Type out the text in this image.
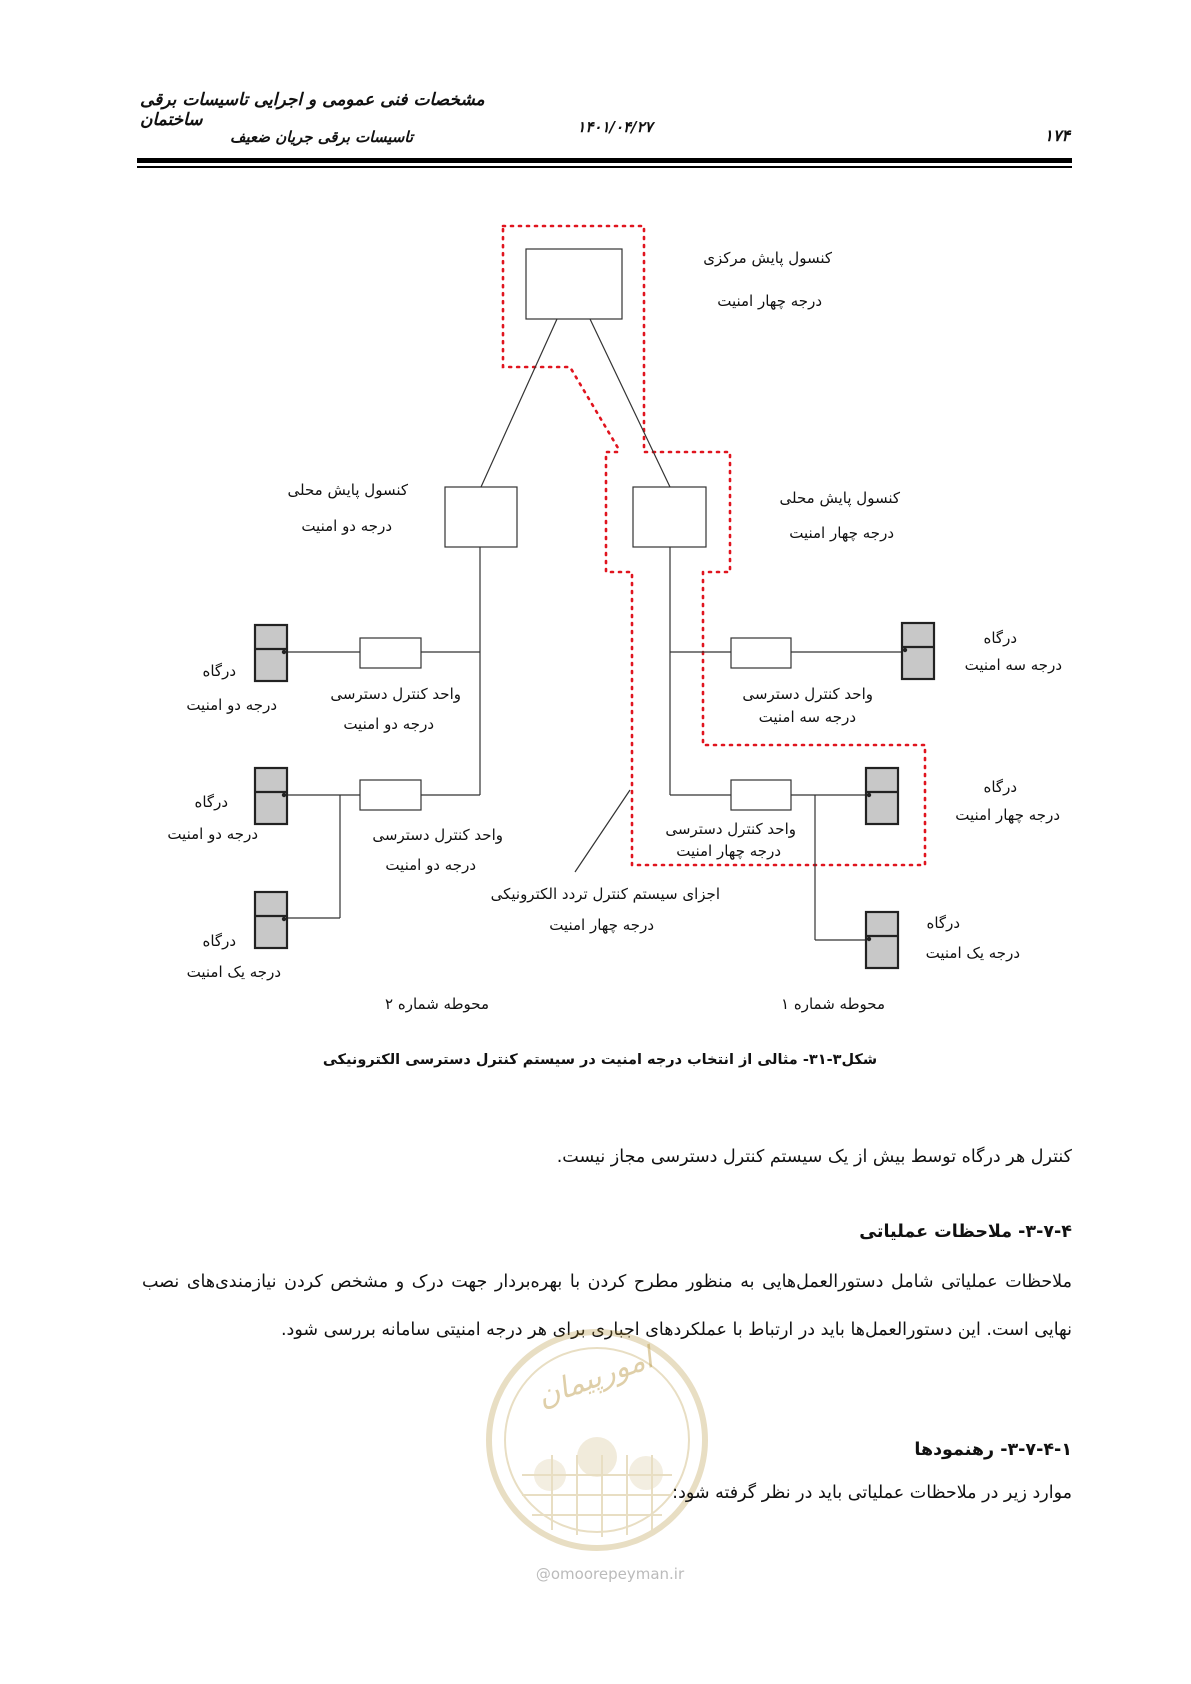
مشخصات فنی عمومی و اجرایی تاسیسات برقی ساختمان	۱۴۰۱/۰۴/۲۷
تاسیسات برقی جریان ضعیف	۱۷۴
کنسول پایش مرکزی
درجه چهار امنیت
کنسول پایش محلی
درجه دو امنیت
کنسول پایش محلی
درجه چهار امنیت
درگاه
درجه دو امنیت
واحد کنترل دسترسی
درجه دو امنیت
درگاه
درجه دو امنیت	واحد کنترل دسترسی
درجه دو امنیت
درگاه
درجه یک امنیت
درگاه
درجه سه امنیت
واحد کنترل دسترسی
درجه سه امنیت
درگاه
درجه چهار امنیت
واحد کنترل دسترسی
درجه چهار امنیت
درگاه
درجه یک امنیت
اجزای سیستم کنترل تردد الکترونیکی
درجه چهار امنیت
محوطه شماره ۲	محوطه شماره ۱
شکل۳-۳۱- مثالی از انتخاب درجه امنیت در سیستم کنترل دسترسی الکترونیکی
کنترل هر درگاه توسط بیش از یک سیستم کنترل دسترسی مجاز نیست.
۳-۷-۴- ملاحظات عملیاتی
ملاحظات عملیاتی شامل دستورالعمل‌هایی به منظور مطرح کردن با بهره‌بردار جهت درک و مشخص کردن نیازمندی‌های نصب نهایی است. این دستورالعمل‌ها باید در ارتباط با عملکردهای اجباری برای هر درجه امنیتی سامانه بررسی شود.
امورپیمان
@omoorepeyman.ir
۳-۷-۴-۱- رهنمودها
موارد زیر در ملاحظات عملیاتی باید در نظر گرفته شود:
